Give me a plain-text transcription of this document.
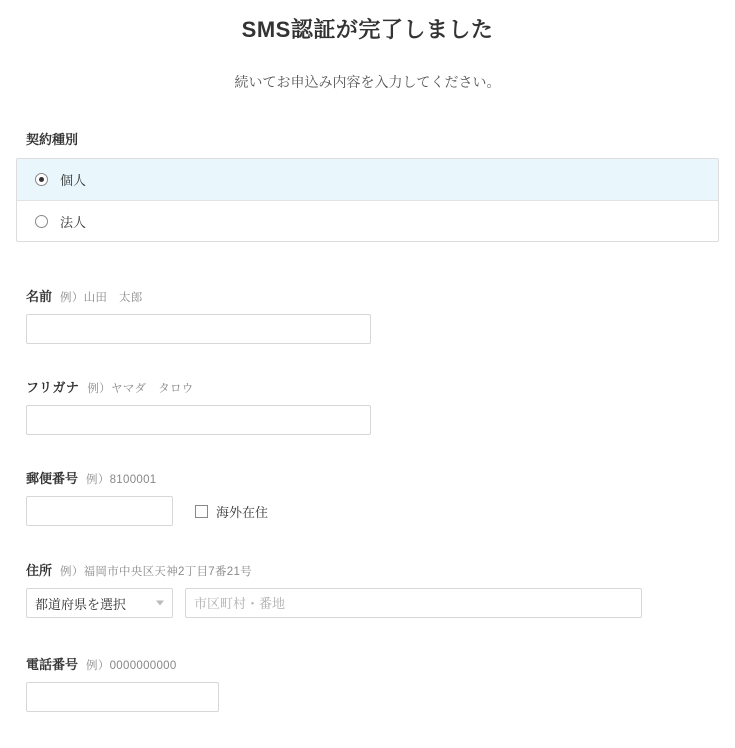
SMS認証が完了しました

続いてお申込み内容を入力してください。

契約種別
個人
法人
名前 例）山田　太郎
フリガナ 例）ヤマダ　タロウ
郵便番号 例）8100001
海外在住
住所 例）福岡市中央区天神2丁目7番21号
都道府県を選択
市区町村・番地
電話番号 例）0000000000
